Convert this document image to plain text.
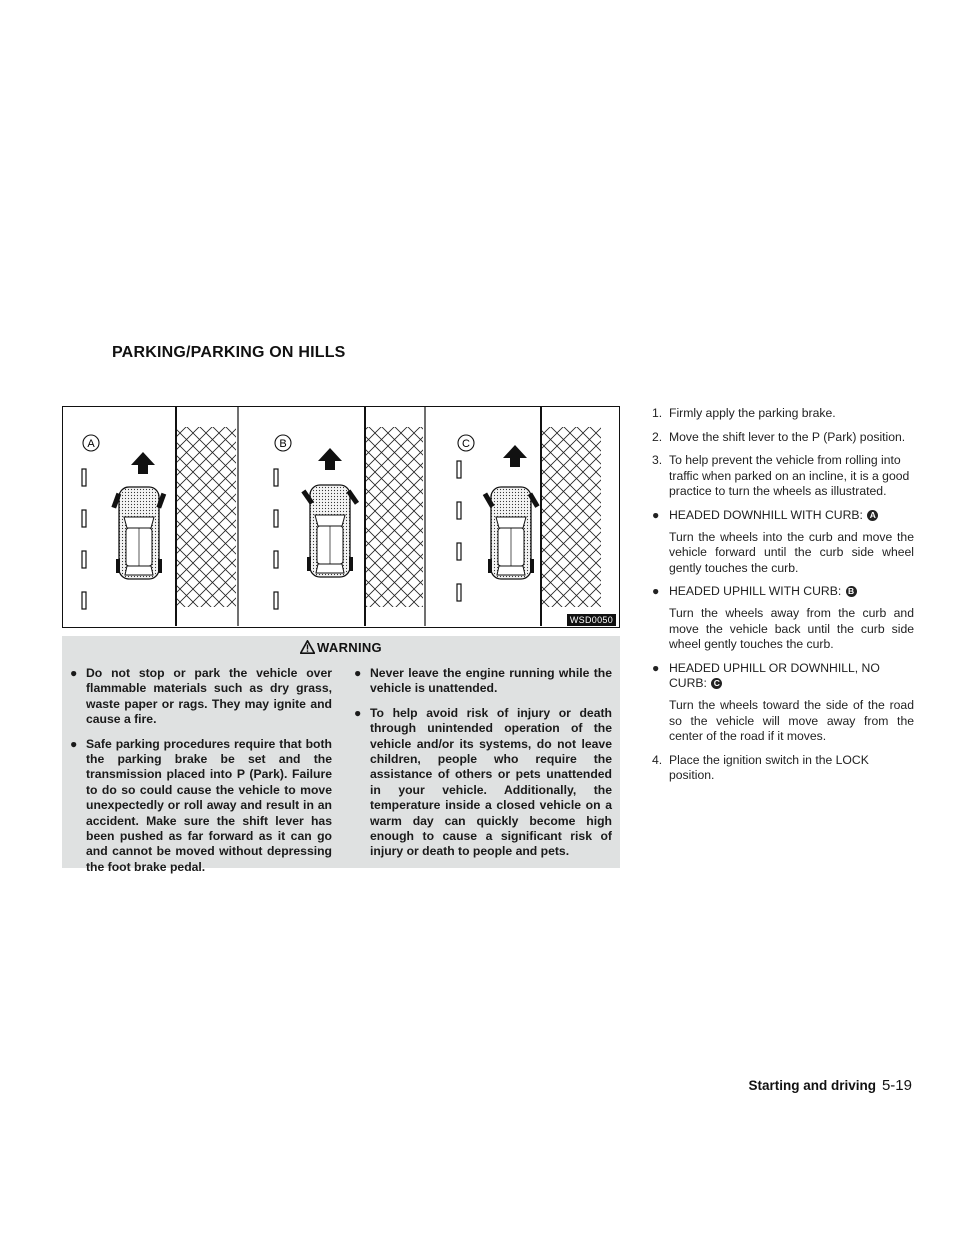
PARKING/PARKING ON HILLS
A	B	C
WSD0050
WARNING
● Do not stop or park the vehicle over flammable materials such as dry grass, waste paper or rags. They may ignite and cause a fire.
● Safe parking procedures require that both the parking brake be set and the transmission placed into P (Park). Failure to do so could cause the vehicle to move unexpectedly or roll away and result in an accident. Make sure the shift lever has been pushed as far forward as it can go and cannot be moved without depressing the foot brake pedal.
● Never leave the engine running while the vehicle is unattended.
● To help avoid risk of injury or death through unintended operation of the vehicle and/or its systems, do not leave children, people who require the assistance of others or pets unattended in your vehicle. Additionally, the temperature inside a closed vehicle on a warm day can quickly become high enough to cause a significant risk of injury or death to people and pets.
1. Firmly apply the parking brake.
2. Move the shift lever to the P (Park) position.
3. To help prevent the vehicle from rolling into traffic when parked on an incline, it is a good practice to turn the wheels as illustrated.
● HEADED DOWNHILL WITH CURB: A
Turn the wheels into the curb and move the vehicle forward until the curb side wheel gently touches the curb.
● HEADED UPHILL WITH CURB: B
Turn the wheels away from the curb and move the vehicle back until the curb side wheel gently touches the curb.
● HEADED UPHILL OR DOWNHILL, NO CURB: C
Turn the wheels toward the side of the road so the vehicle will move away from the center of the road if it moves.
4. Place the ignition switch in the LOCK position.
Starting and driving 5-19
